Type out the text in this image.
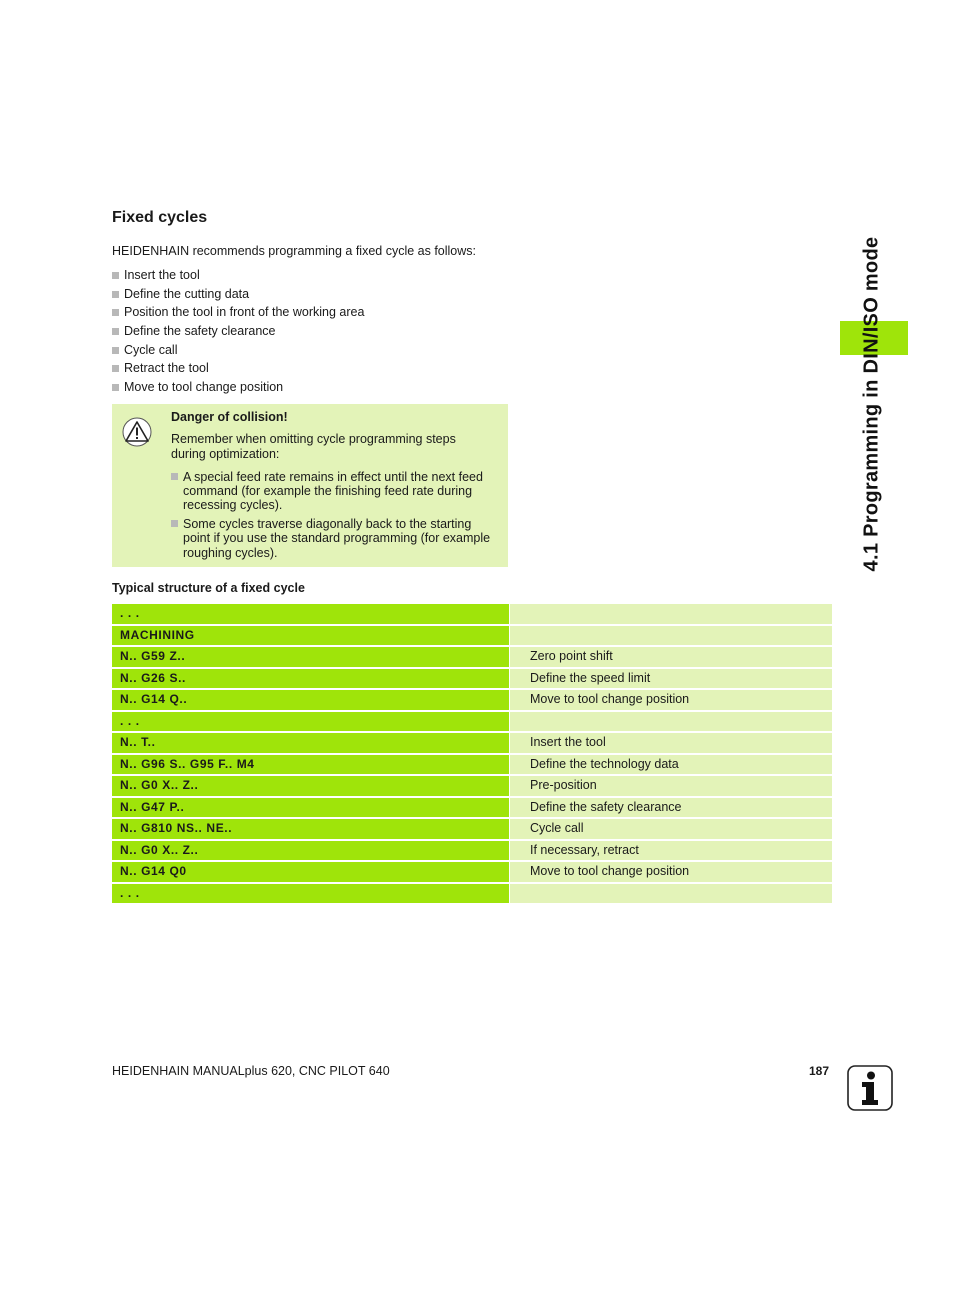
Fixed cycles

HEIDENHAIN recommends programming a fixed cycle as follows:

Insert the tool
Define the cutting data
Position the tool in front of the working area
Define the safety clearance
Cycle call
Retract the tool
Move to tool change position
Danger of collision!
Remember when omitting cycle programming steps during optimization:
A special feed rate remains in effect until the next feed command (for example the finishing feed rate during recessing cycles).
Some cycles traverse diagonally back to the starting point if you use the standard programming (for example roughing cycles).
Typical structure of a fixed cycle
. . .
MACHINING
N.. G59 Z..	Zero point shift
N.. G26 S..	Define the speed limit
N.. G14 Q..	Move to tool change position
. . .
N.. T..	Insert the tool
N.. G96 S.. G95 F.. M4	Define the technology data
N.. G0 X.. Z..	Pre-position
N.. G47 P..	Define the safety clearance
N.. G810 NS.. NE..	Cycle call
N.. G0 X.. Z..	If necessary, retract
N.. G14 Q0	Move to tool change position
. . .
4.1 Programming in DIN/ISO mode
HEIDENHAIN MANUALplus 620, CNC PILOT 640	187
